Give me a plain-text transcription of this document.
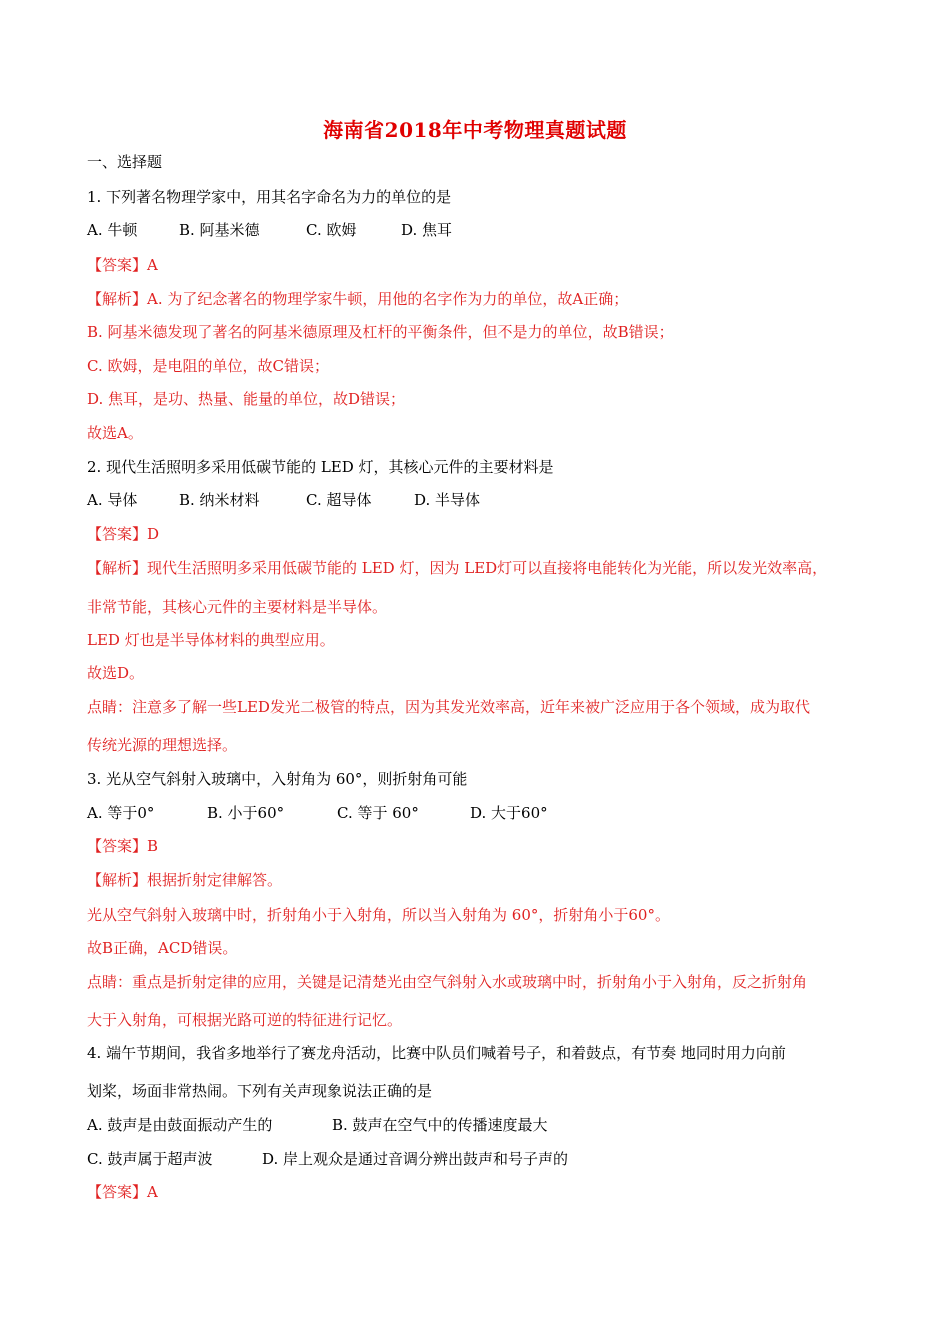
海南省2018年中考物理真题试题
一、选择题
1. 下列著名物理学家中，用其名字命名为力的单位的是
A. 牛顿	B. 阿基米德	C. 欧姆	D. 焦耳
【答案】A
【解析】A. 为了纪念著名的物理学家牛顿，用他的名字作为力的单位，故A正确；
B. 阿基米德发现了著名的阿基米德原理及杠杆的平衡条件，但不是力的单位，故B错误；
C. 欧姆，是电阻的单位，故C错误；
D. 焦耳，是功、热量、能量的单位，故D错误；
故选A。
2. 现代生活照明多采用低碳节能的 LED 灯，其核心元件的主要材料是
A. 导体	B. 纳米材料	C. 超导体	D. 半导体
【答案】D
【解析】现代生活照明多采用低碳节能的 LED 灯，因为 LED灯可以直接将电能转化为光能，所以发光效率高，
非常节能，其核心元件的主要材料是半导体。
LED 灯也是半导体材料的典型应用。
故选D。
点睛：注意多了解一些LED发光二极管的特点，因为其发光效率高，近年来被广泛应用于各个领域，成为取代
传统光源的理想选择。
3. 光从空气斜射入玻璃中，入射角为 60°，则折射角可能
A. 等于0°	B. 小于60°	C. 等于 60°	D. 大于60°
【答案】B
【解析】根据折射定律解答。
光从空气斜射入玻璃中时，折射角小于入射角，所以当入射角为 60°，折射角小于60°。
故B正确，ACD错误。
点睛：重点是折射定律的应用，关键是记清楚光由空气斜射入水或玻璃中时，折射角小于入射角，反之折射角
大于入射角，可根据光路可逆的特征进行记忆。
4. 端午节期间，我省多地举行了赛龙舟活动，比赛中队员们喊着号子，和着鼓点，有节奏 地同时用力向前
划桨，场面非常热闹。下列有关声现象说法正确的是
A. 鼓声是由鼓面振动产生的	B. 鼓声在空气中的传播速度最大
C. 鼓声属于超声波	D. 岸上观众是通过音调分辨出鼓声和号子声的
【答案】A
